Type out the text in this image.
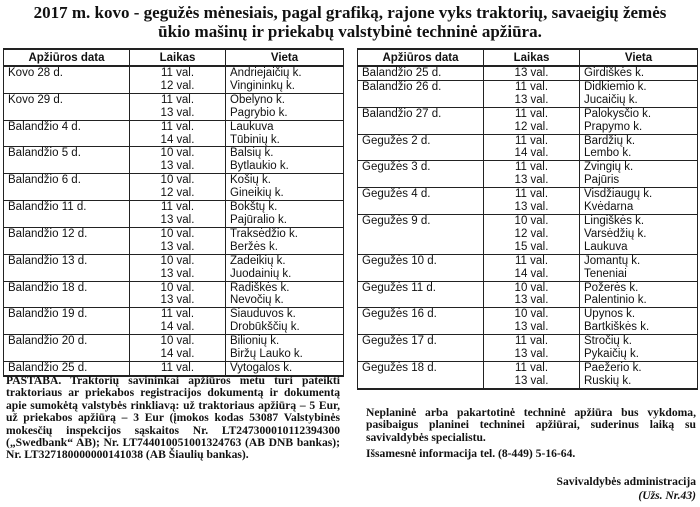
2017 m. kovo - gegužės mėnesiais, pagal grafiką, rajone vyks traktorių, savaeigių žemės
ūkio mašinų ir priekabų valstybinė techninė apžiūra.
Apžiūros data	Laikas	Vieta
Kovo 28 d.	11 val.	Andriejaičių k.
	12 val.	Vingininkų k.
Kovo 29 d.	11 val.	Obelyno k.
	13 val.	Pagrybio k.
Balandžio 4 d.	11 val.	Laukuva
	14 val.	Tūbinių k.
Balandžio 5 d.	10 val.	Balsių k.
	13 val.	Bytlaukio k.
Balandžio 6 d.	10 val.	Košių k.
	12 val.	Gineikių k.
Balandžio 11 d.	11 val.	Bokštų k.
	13 val.	Pajūralio k.
Balandžio 12 d.	10 val.	Traksėdžio k.
	13 val.	Beržės k.
Balandžio 13 d.	10 val.	Žadeikių k.
	13 val.	Juodainių k.
Balandžio 18 d.	10 val.	Radiškės k.
	13 val.	Nevočių k.
Balandžio 19 d.	11 val.	Šiauduvos k.
	14 val.	Drobūkščių k.
Balandžio 20 d.	10 val.	Bilionių k.
	14 val.	Biržų Lauko k.
Balandžio 25 d.	11 val.	Vytogalos k.
Apžiūros data	Laikas	Vieta
Balandžio 25 d.	13 val.	Girdiškės k.
Balandžio 26 d.	11 val.	Didkiemio k.
	13 val.	Jucaičių k.
Balandžio 27 d.	11 val.	Palokysčio k.
	12 val.	Prapymo k.
Gegužės 2 d.	11 val.	Bardžių k.
	14 val.	Lembo k.
Gegužės 3 d.	11 val.	Žvingių k.
	13 val.	Pajūris
Gegužės 4 d.	11 val.	Visdžiaugų k.
	13 val.	Kvėdarna
Gegužės 9 d.	10 val.	Lingiškės k.
	12 val.	Varsėdžių k.
	15 val.	Laukuva
Gegužės 10 d.	11 val.	Jomantų k.
	14 val.	Teneniai
Gegužės 11 d.	10 val.	Požerės k.
	13 val.	Palentinio k.
Gegužės 16 d.	10 val.	Upynos k.
	13 val.	Bartkiškės k.
Gegužės 17 d.	11 val.	Stročių k.
	13 val.	Pykaičių k.
Gegužės 18 d.	11 val.	Paežerio k.
	13 val.	Ruskių k.
PASTABA. Traktorių savininkai apžiūros metu turi pateikti traktoriaus ar priekabos registracijos dokumentą ir dokumentą apie sumokėtą valstybės rinkliavą: už traktoriaus apžiūrą – 5 Eur, už priekabos apžiūrą – 3 Eur (įmokos kodas 53087 Valstybinės mokesčių inspekcijos sąskaitos Nr. LT247300010112394300 („Swedbank“ AB); Nr. LT744010051001324763 (AB DNB bankas); Nr. LT327180000000141038 (AB Šiaulių bankas).
Neplaninė arba pakartotinė techninė apžiūra bus vykdoma, pasibaigus planinei techninei apžiūrai, suderinus laiką su savivaldybės specialistu.
Išsamesnė informacija tel. (8-449) 5-16-64.
Savivaldybės administracija
(Užs. Nr.43)
